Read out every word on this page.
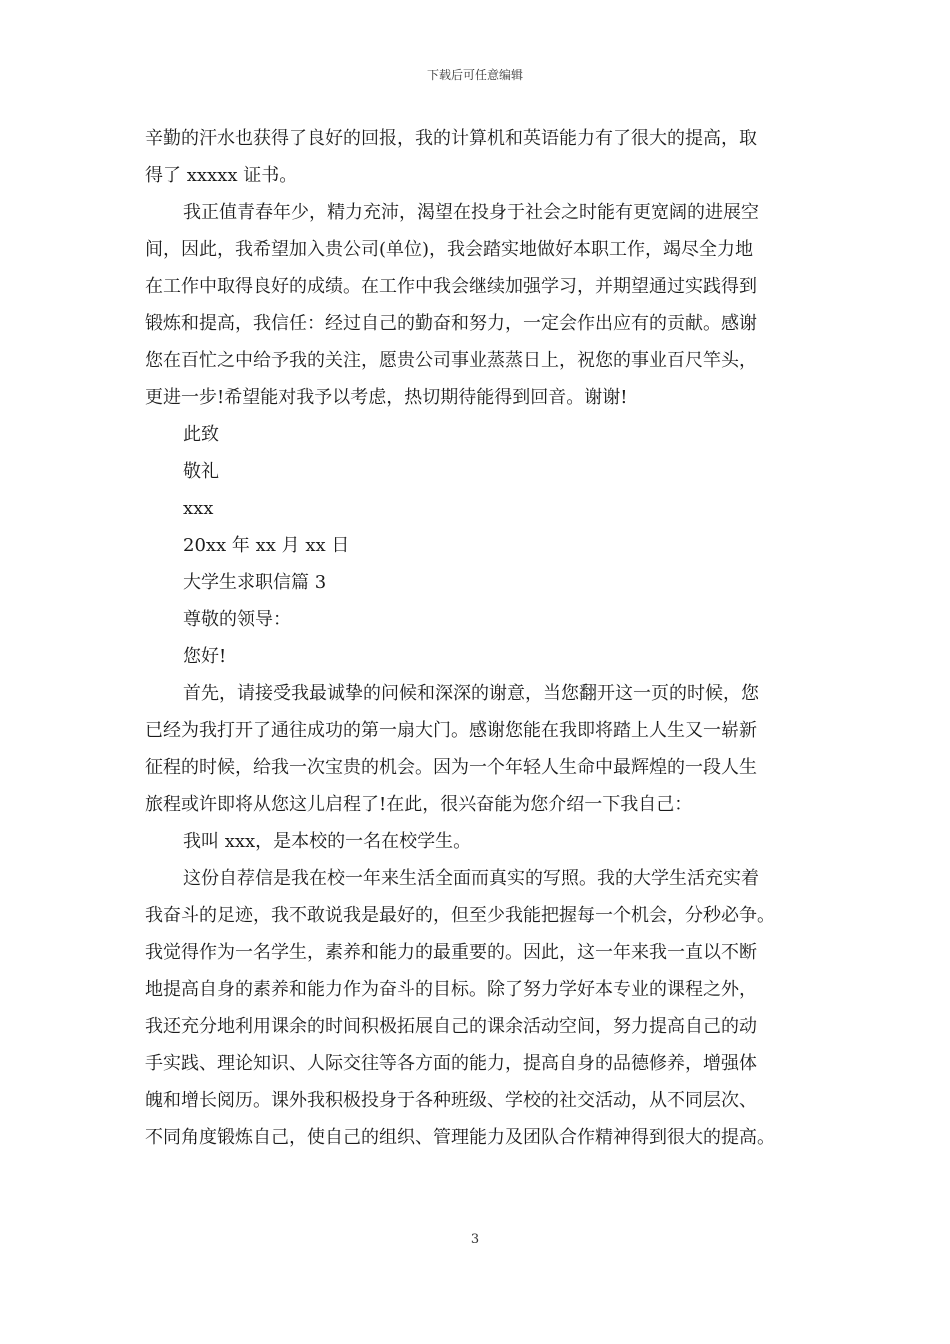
下载后可任意编辑
辛勤的汗水也获得了良好的回报，我的计算机和英语能力有了很大的提高，取
得了 xxxxx 证书。
我正值青春年少，精力充沛，渴望在投身于社会之时能有更宽阔的进展空
间，因此，我希望加入贵公司(单位)，我会踏实地做好本职工作，竭尽全力地
在工作中取得良好的成绩。在工作中我会继续加强学习，并期望通过实践得到
锻炼和提高，我信任：经过自己的勤奋和努力，一定会作出应有的贡献。感谢
您在百忙之中给予我的关注，愿贵公司事业蒸蒸日上，祝您的事业百尺竿头，
更进一步!希望能对我予以考虑，热切期待能得到回音。谢谢!
此致
敬礼
xxx
20xx 年 xx 月 xx 日
大学生求职信篇 3
尊敬的领导：
您好!
首先，请接受我最诚挚的问候和深深的谢意，当您翻开这一页的时候，您
已经为我打开了通往成功的第一扇大门。感谢您能在我即将踏上人生又一崭新
征程的时候，给我一次宝贵的机会。因为一个年轻人生命中最辉煌的一段人生
旅程或许即将从您这儿启程了!在此，很兴奋能为您介绍一下我自己：
我叫 xxx，是本校的一名在校学生。
这份自荐信是我在校一年来生活全面而真实的写照。我的大学生活充实着
我奋斗的足迹，我不敢说我是最好的，但至少我能把握每一个机会，分秒必争。
我觉得作为一名学生，素养和能力的最重要的。因此，这一年来我一直以不断
地提高自身的素养和能力作为奋斗的目标。除了努力学好本专业的课程之外，
我还充分地利用课余的时间积极拓展自己的课余活动空间，努力提高自己的动
手实践、理论知识、人际交往等各方面的能力，提高自身的品德修养，增强体
魄和增长阅历。课外我积极投身于各种班级、学校的社交活动，从不同层次、
不同角度锻炼自己，使自己的组织、管理能力及团队合作精神得到很大的提高。
3
